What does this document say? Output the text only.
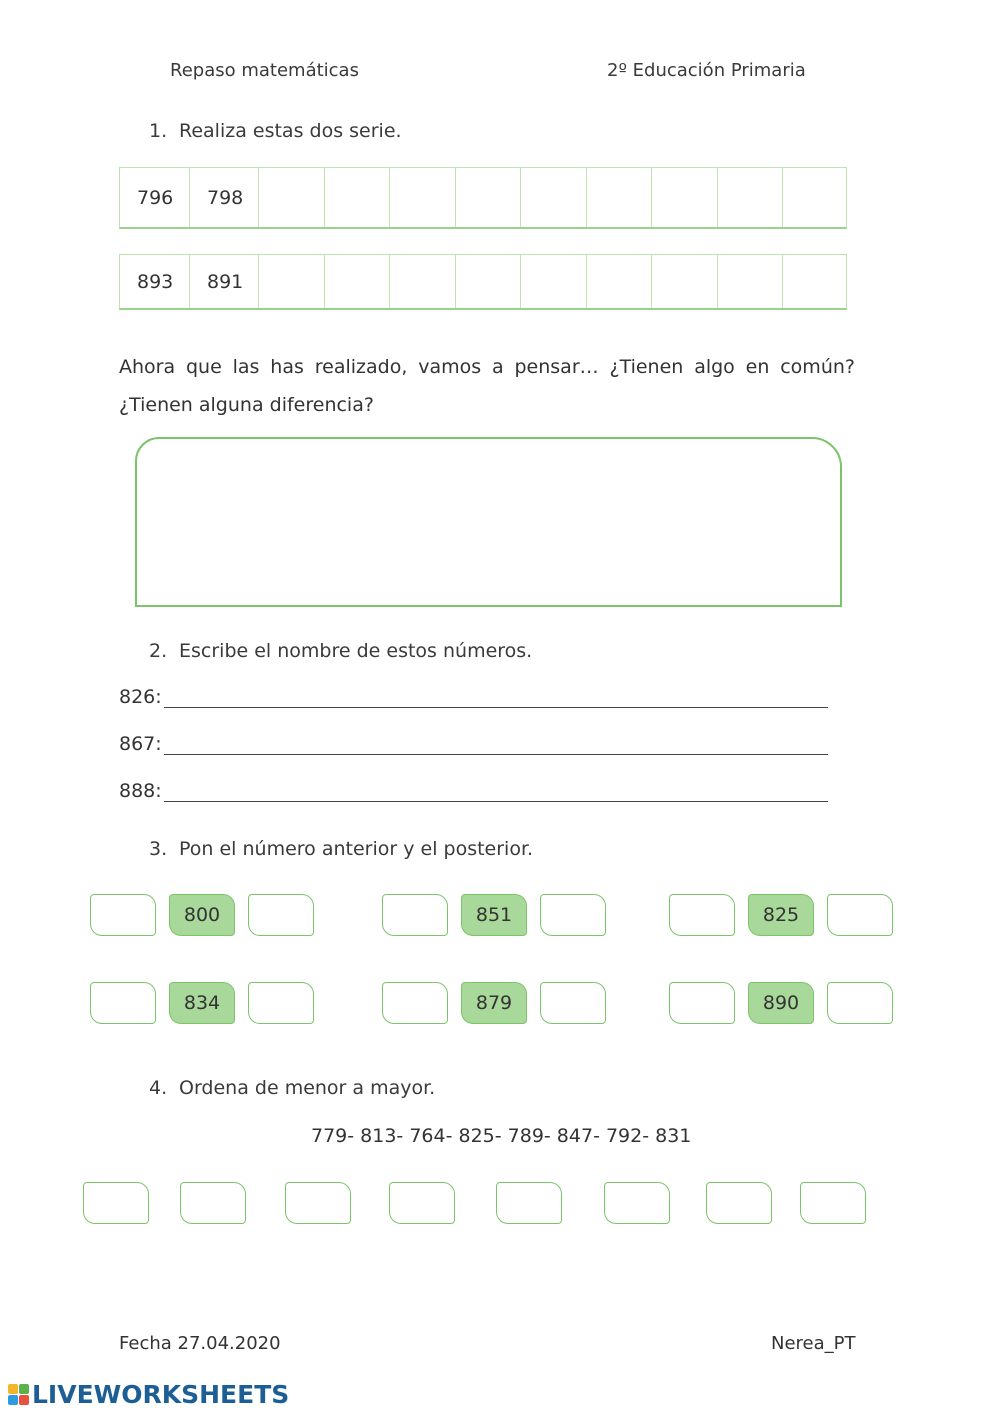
Repaso matemáticas	2º Educación Primaria
1. Realiza estas dos serie.
796	798
893	891
Ahora que las has realizado, vamos a pensar… ¿Tienen algo en común? ¿Tienen alguna diferencia?
2. Escribe el nombre de estos números.
826:
867:
888:
3. Pon el número anterior y el posterior.
800	851	825
834	879	890
4. Ordena de menor a mayor.
779- 813- 764- 825- 789- 847- 792- 831
Fecha 27.04.2020	Nerea_PT
LIVEWORKSHEETS
